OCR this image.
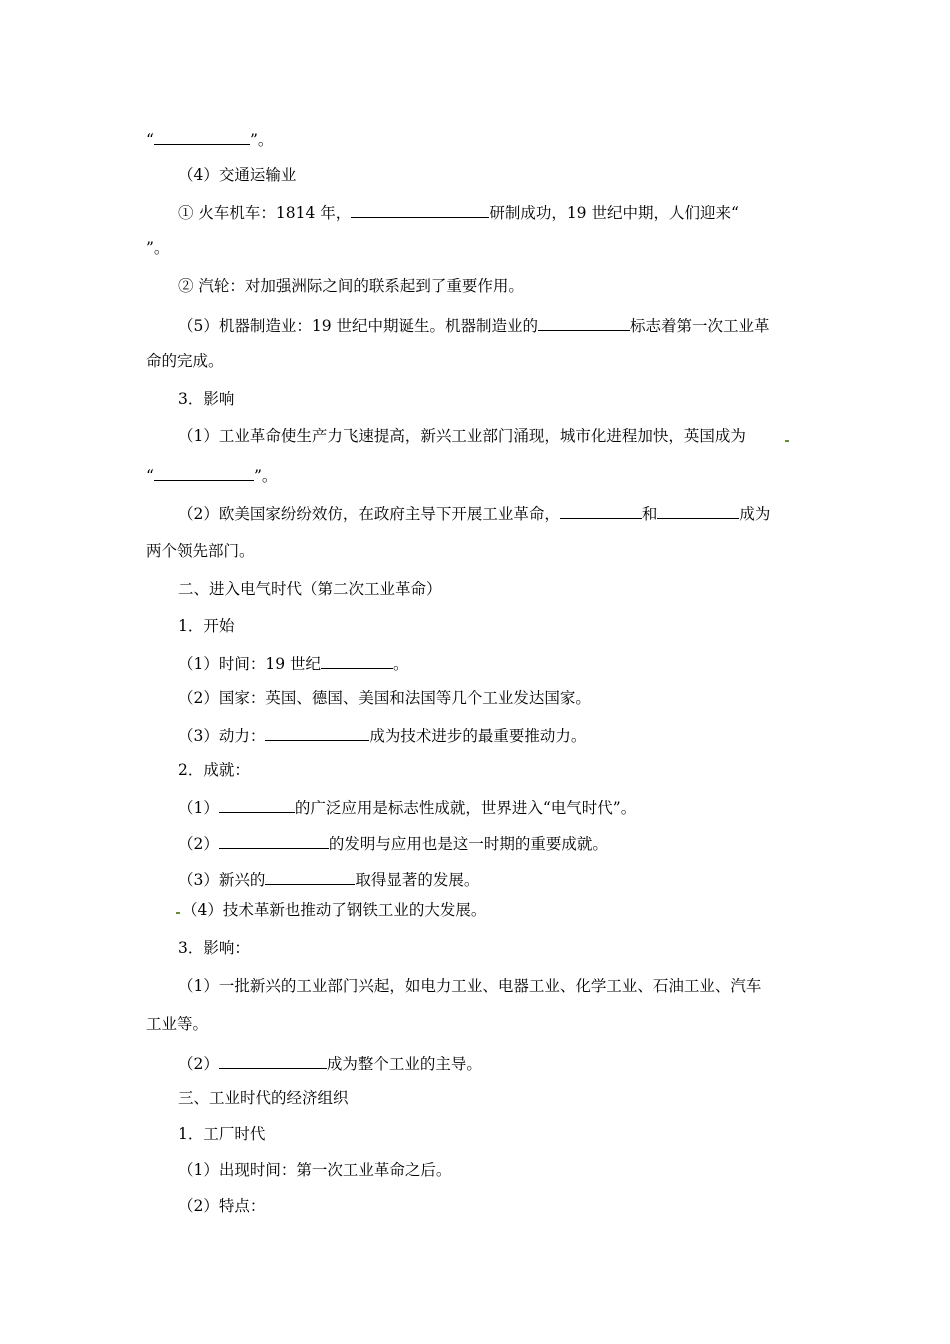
“	”。
（4）交通运输业
① 火车机车：1814 年，	研制成功，19 世纪中期，人们迎来“
”。
② 汽轮：对加强洲际之间的联系起到了重要作用。
（5）机器制造业：19 世纪中期诞生。机器制造业的	标志着第一次工业革
命的完成。
3．影响
（1）工业革命使生产力飞速提高，新兴工业部门涌现，城市化进程加快，英国成为
“	”。
（2）欧美国家纷纷效仿，在政府主导下开展工业革命，	和	成为
两个领先部门。
二、进入电气时代（第二次工业革命）
1．开始
（1）时间：19 世纪	。
（2）国家：英国、德国、美国和法国等几个工业发达国家。
（3）动力：	成为技术进步的最重要推动力。
2．成就：
（1）	的广泛应用是标志性成就，世界进入“电气时代”。
（2）	的发明与应用也是这一时期的重要成就。
（3）新兴的	取得显著的发展。
（4）技术革新也推动了钢铁工业的大发展。
3．影响：
（1）一批新兴的工业部门兴起，如电力工业、电器工业、化学工业、石油工业、汽车
工业等。
（2）	成为整个工业的主导。
三、工业时代的经济组织
1．工厂时代
（1）出现时间：第一次工业革命之后。
（2）特点：
